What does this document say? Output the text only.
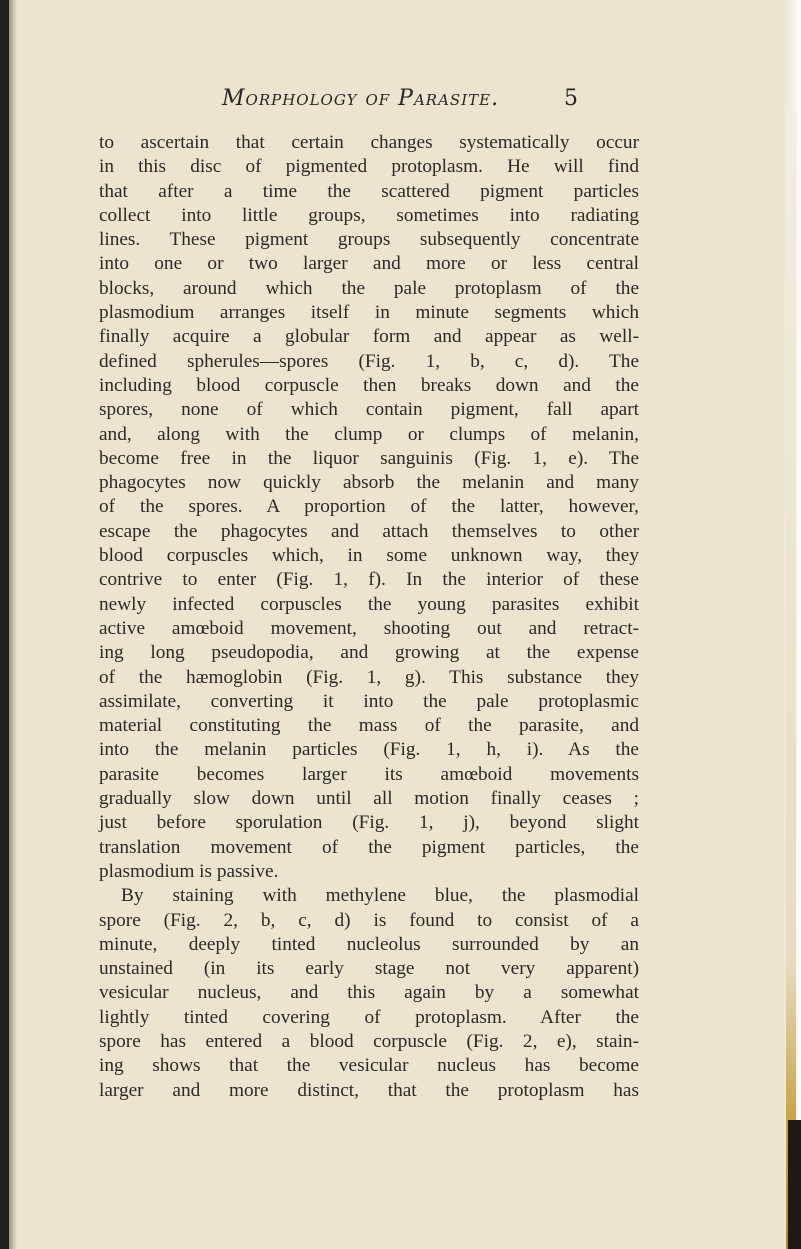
Morphology of Parasite.	5
to ascertain that certain changes systematically occur
in this disc of pigmented protoplasm. He will find
that after a time the scattered pigment particles
collect into little groups, sometimes into radiating
lines. These pigment groups subsequently concentrate
into one or two larger and more or less central
blocks, around which the pale protoplasm of the
plasmodium arranges itself in minute segments which
finally acquire a globular form and appear as well-
defined spherules—spores (Fig. 1, b, c, d). The
including blood corpuscle then breaks down and the
spores, none of which contain pigment, fall apart
and, along with the clump or clumps of melanin,
become free in the liquor sanguinis (Fig. 1, e). The
phagocytes now quickly absorb the melanin and many
of the spores. A proportion of the latter, however,
escape the phagocytes and attach themselves to other
blood corpuscles which, in some unknown way, they
contrive to enter (Fig. 1, f). In the interior of these
newly infected corpuscles the young parasites exhibit
active amœboid movement, shooting out and retract-
ing long pseudopodia, and growing at the expense
of the hæmoglobin (Fig. 1, g). This substance they
assimilate, converting it into the pale protoplasmic
material constituting the mass of the parasite, and
into the melanin particles (Fig. 1, h, i). As the
parasite becomes larger its amœboid movements
gradually slow down until all motion finally ceases ;
just before sporulation (Fig. 1, j), beyond slight
translation movement of the pigment particles, the
plasmodium is passive.
By staining with methylene blue, the plasmodial
spore (Fig. 2, b, c, d) is found to consist of a
minute, deeply tinted nucleolus surrounded by an
unstained (in its early stage not very apparent)
vesicular nucleus, and this again by a somewhat
lightly tinted covering of protoplasm. After the
spore has entered a blood corpuscle (Fig. 2, e), stain-
ing shows that the vesicular nucleus has become
larger and more distinct, that the protoplasm has
